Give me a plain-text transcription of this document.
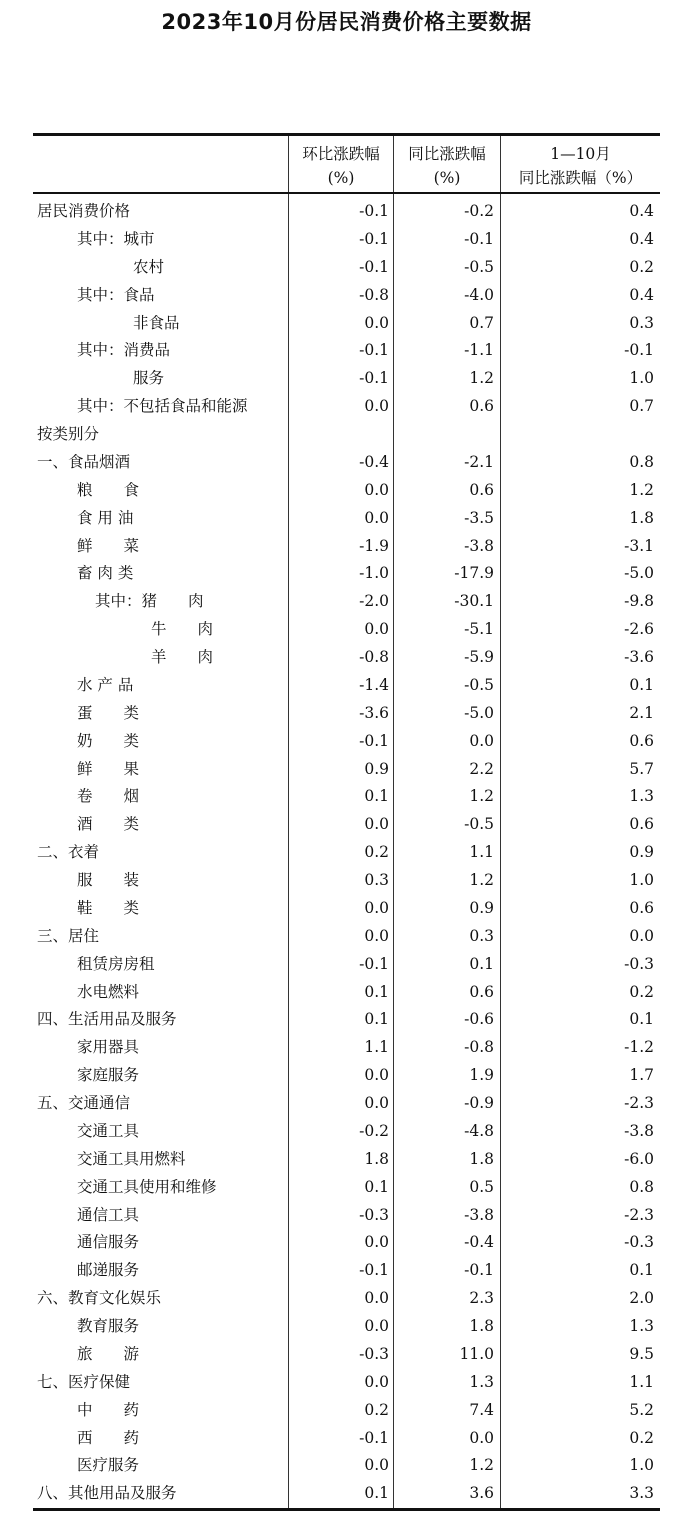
2023年10月份居民消费价格主要数据
环比涨跌幅
(%)
同比涨跌幅
(%)
1—10月
同比涨跌幅（%）
居民消费价格	-0.1	-0.2	0.4
其中：城市	-0.1	-0.1	0.4
农村	-0.1	-0.5	0.2
其中：食品	-0.8	-4.0	0.4
非食品	0.0	0.7	0.3
其中：消费品	-0.1	-1.1	-0.1
服务	-0.1	1.2	1.0
其中：不包括食品和能源	0.0	0.6	0.7
按类别分
一、食品烟酒	-0.4	-2.1	0.8
粮　　食	0.0	0.6	1.2
食 用 油	0.0	-3.5	1.8
鲜　　菜	-1.9	-3.8	-3.1
畜 肉 类	-1.0	-17.9	-5.0
其中：猪　　肉	-2.0	-30.1	-9.8
牛　　肉	0.0	-5.1	-2.6
羊　　肉	-0.8	-5.9	-3.6
水 产 品	-1.4	-0.5	0.1
蛋　　类	-3.6	-5.0	2.1
奶　　类	-0.1	0.0	0.6
鲜　　果	0.9	2.2	5.7
卷　　烟	0.1	1.2	1.3
酒　　类	0.0	-0.5	0.6
二、衣着	0.2	1.1	0.9
服　　装	0.3	1.2	1.0
鞋　　类	0.0	0.9	0.6
三、居住	0.0	0.3	0.0
租赁房房租	-0.1	0.1	-0.3
水电燃料	0.1	0.6	0.2
四、生活用品及服务	0.1	-0.6	0.1
家用器具	1.1	-0.8	-1.2
家庭服务	0.0	1.9	1.7
五、交通通信	0.0	-0.9	-2.3
交通工具	-0.2	-4.8	-3.8
交通工具用燃料	1.8	1.8	-6.0
交通工具使用和维修	0.1	0.5	0.8
通信工具	-0.3	-3.8	-2.3
通信服务	0.0	-0.4	-0.3
邮递服务	-0.1	-0.1	0.1
六、教育文化娱乐	0.0	2.3	2.0
教育服务	0.0	1.8	1.3
旅　　游	-0.3	11.0	9.5
七、医疗保健	0.0	1.3	1.1
中　　药	0.2	7.4	5.2
西　　药	-0.1	0.0	0.2
医疗服务	0.0	1.2	1.0
八、其他用品及服务	0.1	3.6	3.3
